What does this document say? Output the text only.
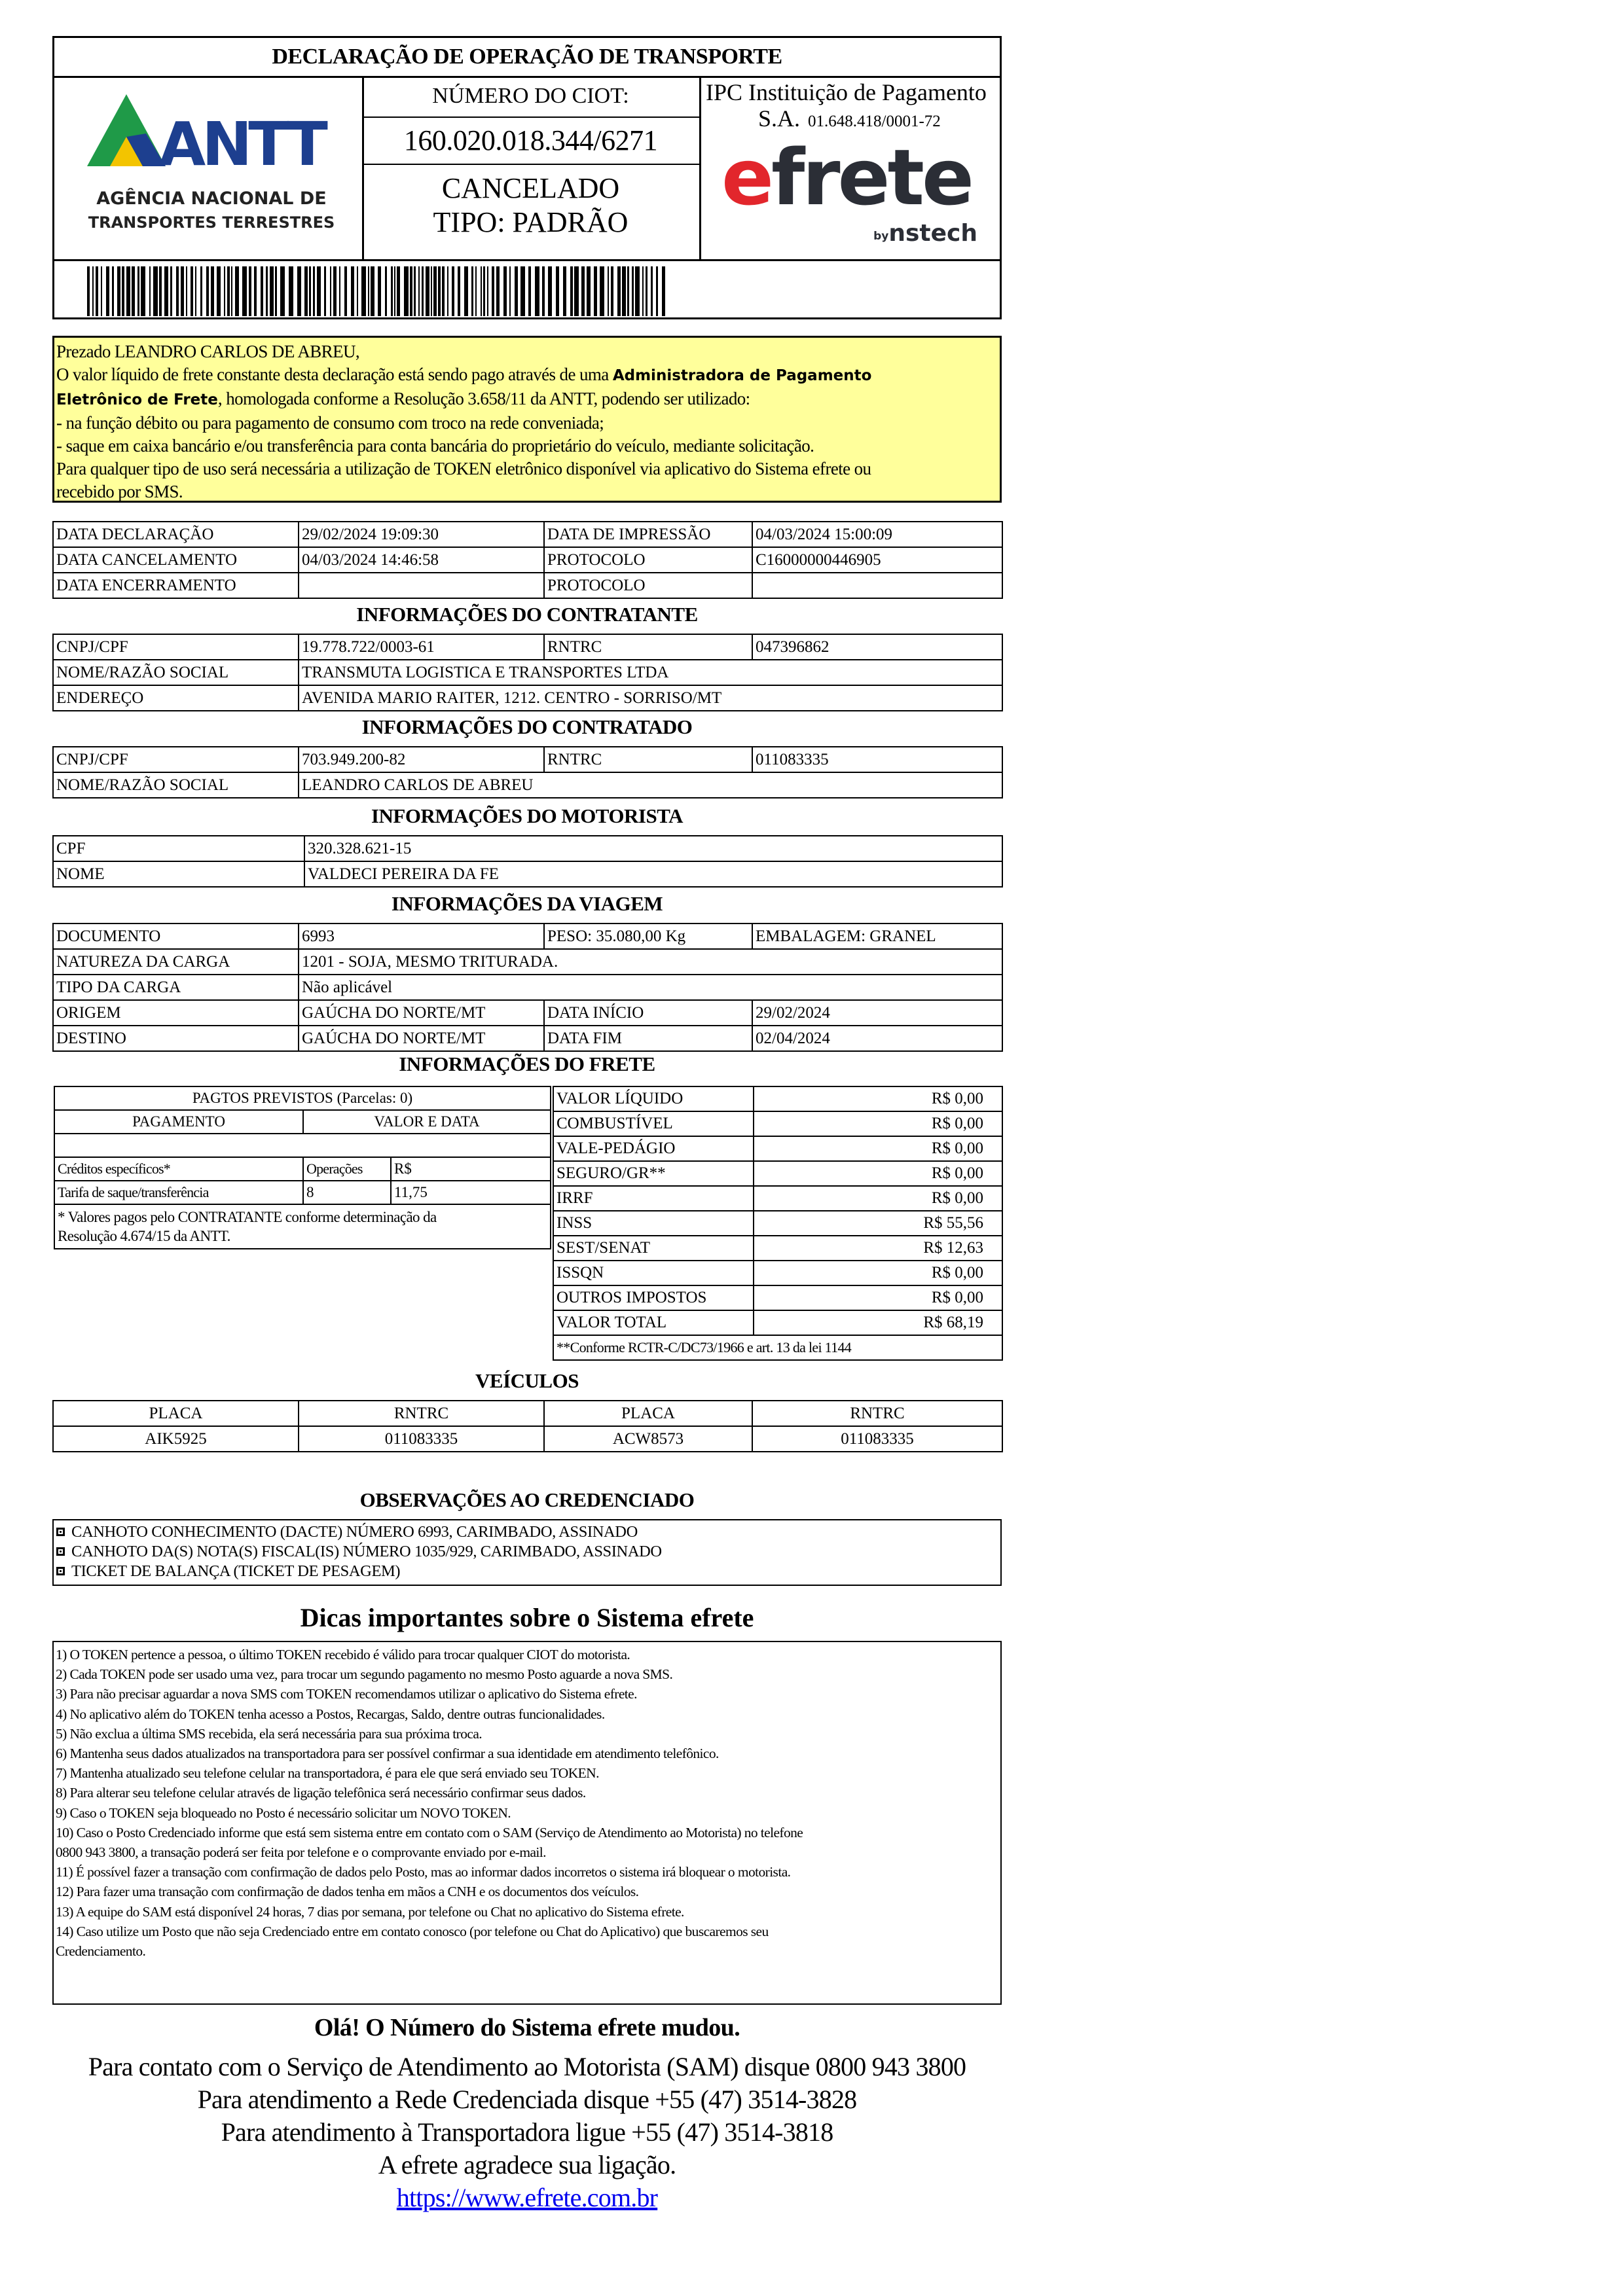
DECLARAÇÃO DE OPERAÇÃO DE TRANSPORTE
ANTT
AGÊNCIA NACIONAL DE
TRANSPORTES TERRESTRES
NÚMERO DO CIOT:
160.020.018.344/6271
CANCELADO
TIPO: PADRÃO
IPC Instituição de Pagamento
S.A. 01.648.418/0001-72
efrete
bynstech
Prezado LEANDRO CARLOS DE ABREU,
O valor líquido de frete constante desta declaração está sendo pago através de uma Administradora de Pagamento
Eletrônico de Frete, homologada conforme a Resolução 3.658/11 da ANTT, podendo ser utilizado:
- na função débito ou para pagamento de consumo com troco na rede conveniada;
- saque em caixa bancário e/ou transferência para conta bancária do proprietário do veículo, mediante solicitação.
Para qualquer tipo de uso será necessária a utilização de TOKEN eletrônico disponível via aplicativo do Sistema efrete ou
recebido por SMS.
DATA DECLARAÇÃO	29/02/2024 19:09:30	DATA DE IMPRESSÃO	04/03/2024 15:00:09
DATA CANCELAMENTO	04/03/2024 14:46:58	PROTOCOLO	C16000000446905
DATA ENCERRAMENTO		PROTOCOLO	
INFORMAÇÕES DO CONTRATANTE
CNPJ/CPF	19.778.722/0003-61	RNTRC	047396862
NOME/RAZÃO SOCIAL	TRANSMUTA LOGISTICA E TRANSPORTES LTDA		
ENDEREÇO	AVENIDA MARIO RAITER, 1212. CENTRO - SORRISO/MT		
INFORMAÇÕES DO CONTRATADO
CNPJ/CPF	703.949.200-82	RNTRC	011083335
NOME/RAZÃO SOCIAL	LEANDRO CARLOS DE ABREU		
INFORMAÇÕES DO MOTORISTA
CPF	320.328.621-15
NOME	VALDECI PEREIRA DA FE
INFORMAÇÕES DA VIAGEM
DOCUMENTO	6993	PESO: 35.080,00 Kg	EMBALAGEM: GRANEL
NATUREZA DA CARGA	1201 - SOJA, MESMO TRITURADA.		
TIPO DA CARGA	Não aplicável		
ORIGEM	GAÚCHA DO NORTE/MT	DATA INÍCIO	29/02/2024
DESTINO	GAÚCHA DO NORTE/MT	DATA FIM	02/04/2024
INFORMAÇÕES DO FRETE
PAGTOS PREVISTOS (Parcelas: 0)		
PAGAMENTO	VALOR E DATA	

Créditos específicos*	Operações	R$
Tarifa de saque/transferência	8	11,75
* Valores pagos pelo CONTRATANTE conforme determinação da
Resolução 4.674/15 da ANTT.		
VALOR LÍQUIDO	R$ 0,00
COMBUSTÍVEL	R$ 0,00
VALE-PEDÁGIO	R$ 0,00
SEGURO/GR**	R$ 0,00
IRRF	R$ 0,00
INSS	R$ 55,56
SEST/SENAT	R$ 12,63
ISSQN	R$ 0,00
OUTROS IMPOSTOS	R$ 0,00
VALOR TOTAL	R$ 68,19
**Conforme RCTR-C/DC73/1966 e art. 13 da lei 1144	
VEÍCULOS
PLACA	RNTRC	PLACA	RNTRC
AIK5925	011083335	ACW8573	011083335
OBSERVAÇÕES AO CREDENCIADO
CANHOTO CONHECIMENTO (DACTE) NÚMERO 6993, CARIMBADO, ASSINADO
CANHOTO DA(S) NOTA(S) FISCAL(IS) NÚMERO 1035/929, CARIMBADO, ASSINADO
TICKET DE BALANÇA (TICKET DE PESAGEM)
Dicas importantes sobre o Sistema efrete
1) O TOKEN pertence a pessoa, o último TOKEN recebido é válido para trocar qualquer CIOT do motorista.
2) Cada TOKEN pode ser usado uma vez, para trocar um segundo pagamento no mesmo Posto aguarde a nova SMS.
3) Para não precisar aguardar a nova SMS com TOKEN recomendamos utilizar o aplicativo do Sistema efrete.
4) No aplicativo além do TOKEN tenha acesso a Postos, Recargas, Saldo, dentre outras funcionalidades.
5) Não exclua a última SMS recebida, ela será necessária para sua próxima troca.
6) Mantenha seus dados atualizados na transportadora para ser possível confirmar a sua identidade em atendimento telefônico.
7) Mantenha atualizado seu telefone celular na transportadora, é para ele que será enviado seu TOKEN.
8) Para alterar seu telefone celular através de ligação telefônica será necessário confirmar seus dados.
9) Caso o TOKEN seja bloqueado no Posto é necessário solicitar um NOVO TOKEN.
10) Caso o Posto Credenciado informe que está sem sistema entre em contato com o SAM (Serviço de Atendimento ao Motorista) no telefone
0800 943 3800, a transação poderá ser feita por telefone e o comprovante enviado por e-mail.
11) É possível fazer a transação com confirmação de dados pelo Posto, mas ao informar dados incorretos o sistema irá bloquear o motorista.
12) Para fazer uma transação com confirmação de dados tenha em mãos a CNH e os documentos dos veículos.
13) A equipe do SAM está disponível 24 horas, 7 dias por semana, por telefone ou Chat no aplicativo do Sistema efrete.
14) Caso utilize um Posto que não seja Credenciado entre em contato conosco (por telefone ou Chat do Aplicativo) que buscaremos seu
Credenciamento.
Olá! O Número do Sistema efrete mudou.
Para contato com o Serviço de Atendimento ao Motorista (SAM) disque 0800 943 3800
Para atendimento a Rede Credenciada disque +55 (47) 3514-3828
Para atendimento à Transportadora ligue +55 (47) 3514-3818
A efrete agradece sua ligação.
https://www.efrete.com.br
